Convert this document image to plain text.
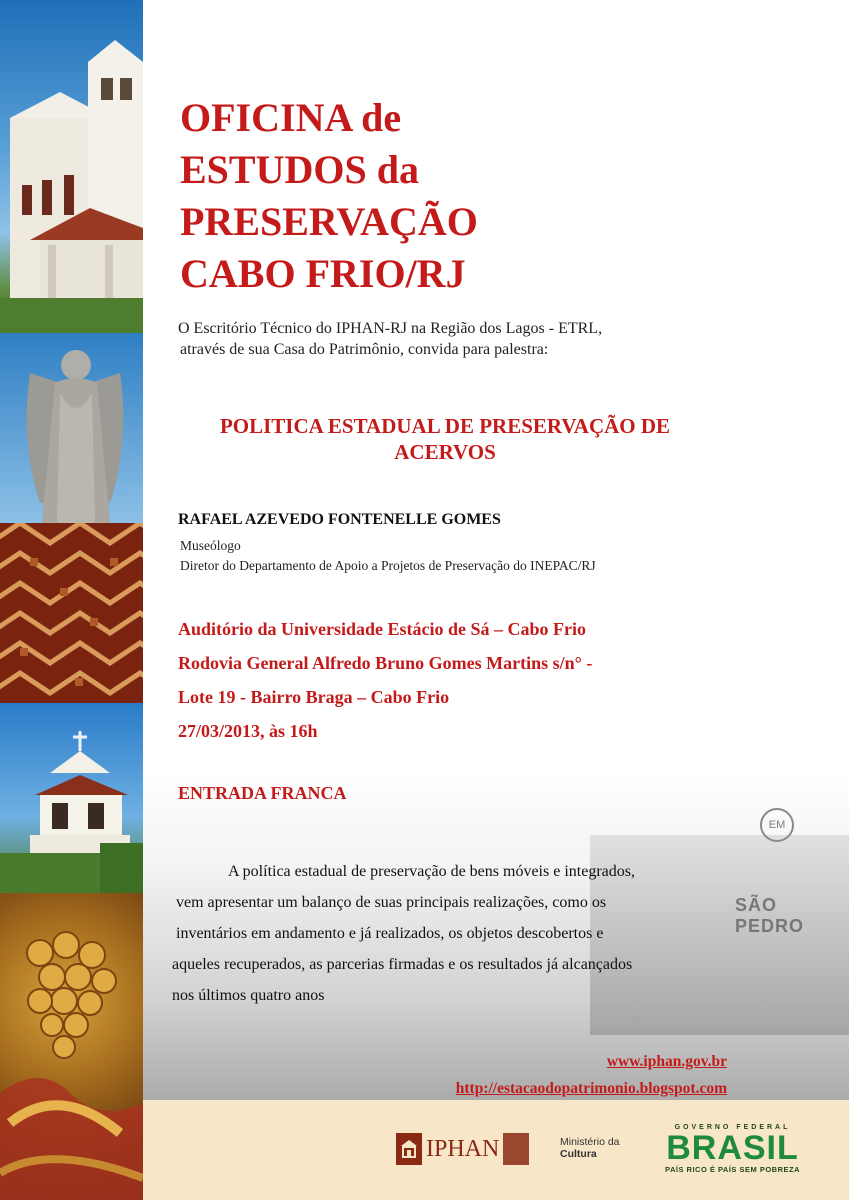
EM
SÃO PEDRO
OFICINA de
ESTUDOS da
PRESERVAÇÃO
CABO FRIO/RJ
O Escritório Técnico do IPHAN-RJ na Região dos Lagos - ETRL,
através de sua Casa do Patrimônio, convida para palestra:
POLITICA ESTADUAL DE PRESERVAÇÃO DE
ACERVOS
RAFAEL AZEVEDO FONTENELLE GOMES
Museólogo
Diretor do Departamento de Apoio a Projetos de Preservação do INEPAC/RJ
Auditório da Universidade Estácio de Sá – Cabo Frio
Rodovia General Alfredo Bruno Gomes Martins s/n° -
Lote 19 - Bairro Braga – Cabo Frio
27/03/2013, às 16h
ENTRADA FRANCA
A política estadual de preservação de bens móveis e integrados,
vem apresentar um balanço de suas principais realizações, como os
inventários em andamento e já realizados, os objetos descobertos e
aqueles recuperados, as parcerias firmadas e os resultados já alcançados
nos últimos quatro anos
www.iphan.gov.br
http://estacaodopatrimonio.blogspot.com
IPHAN	Ministério da
Cultura
GOVERNO FEDERAL
BRASIL
PAÍS RICO É PAÍS SEM POBREZA
